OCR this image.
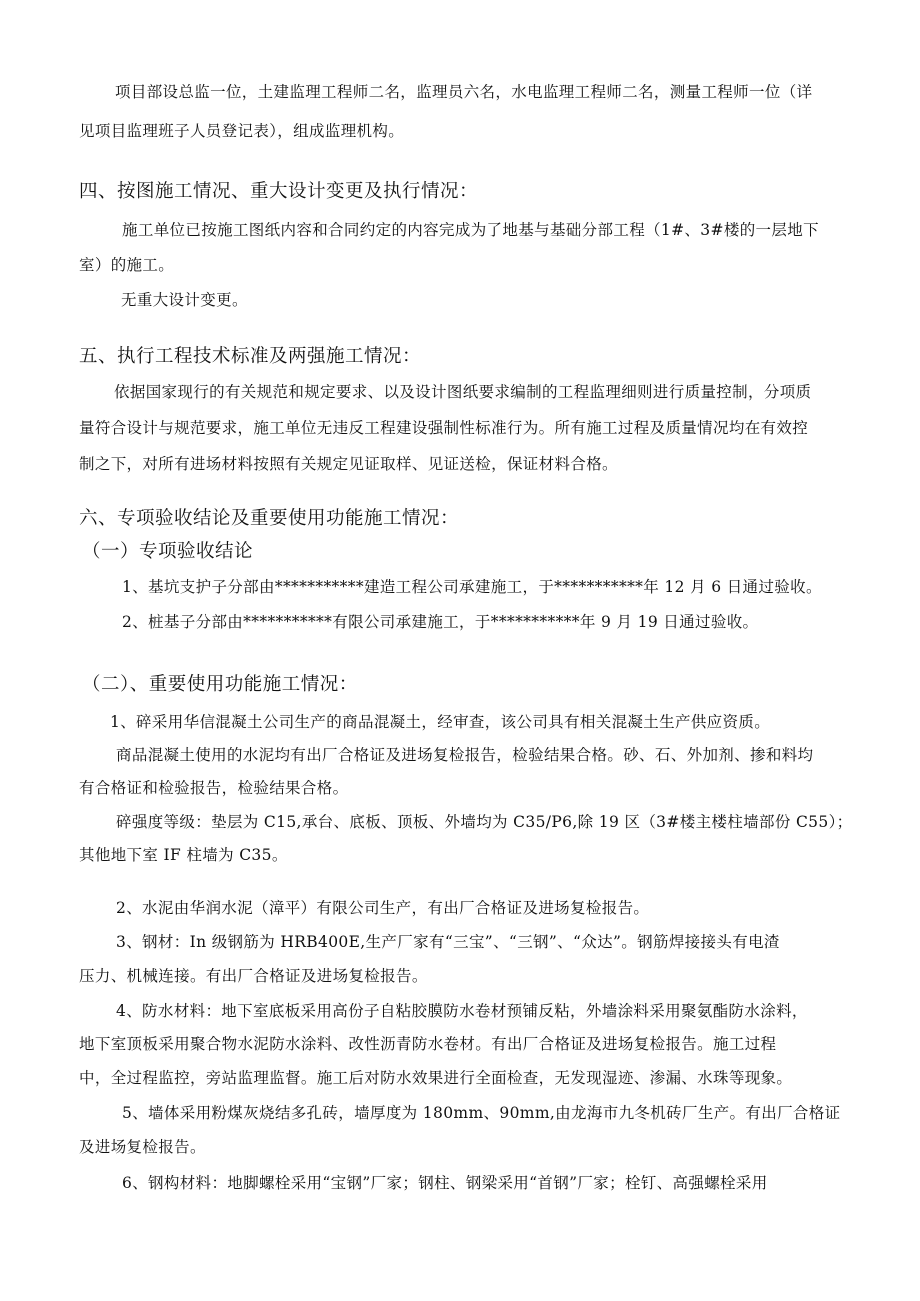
项目部设总监一位，土建监理工程师二名，监理员六名，水电监理工程师二名，测量工程师一位（详
见项目监理班子人员登记表），组成监理机构。
四、按图施工情况、重大设计变更及执行情况：
施工单位已按施工图纸内容和合同约定的内容完成为了地基与基础分部工程（1#、3#楼的一层地下
室）的施工。
无重大设计变更。
五、执行工程技术标准及两强施工情况：
依据国家现行的有关规范和规定要求、以及设计图纸要求编制的工程监理细则进行质量控制，分项质
量符合设计与规范要求，施工单位无违反工程建设强制性标准行为。所有施工过程及质量情况均在有效控
制之下，对所有进场材料按照有关规定见证取样、见证送检，保证材料合格。
六、专项验收结论及重要使用功能施工情况：
（一）专项验收结论
1、基坑支护子分部由***********建造工程公司承建施工，于***********年 12 月 6 日通过验收。
2、桩基子分部由***********有限公司承建施工，于***********年 9 月 19 日通过验收。
（二）、重要使用功能施工情况：
1、碎采用华信混凝土公司生产的商品混凝土，经审查，该公司具有相关混凝土生产供应资质。
商品混凝土使用的水泥均有出厂合格证及进场复检报告，检验结果合格。砂、石、外加剂、掺和料均
有合格证和检验报告，检验结果合格。
碎强度等级：垫层为 C15,承台、底板、顶板、外墙均为 C35/P6,除 19 区（3#楼主楼柱墙部份 C55）；
其他地下室 IF 柱墙为 C35。
2、水泥由华润水泥（漳平）有限公司生产，有出厂合格证及进场复检报告。
3、钢材：In 级钢筋为 HRB400E,生产厂家有“三宝”、“三钢”、“众达”。钢筋焊接接头有电渣
压力、机械连接。有出厂合格证及进场复检报告。
4、防水材料：地下室底板采用高份子自粘胶膜防水卷材预铺反粘，外墙涂料采用聚氨酯防水涂料，
地下室顶板采用聚合物水泥防水涂料、改性沥青防水卷材。有出厂合格证及进场复检报告。施工过程
中，全过程监控，旁站监理监督。施工后对防水效果进行全面检查，无发现湿迹、渗漏、水珠等现象。
5、墙体采用粉煤灰烧结多孔砖，墙厚度为 180mm、90mm,由龙海市九冬机砖厂生产。有出厂合格证
及进场复检报告。
6、钢构材料：地脚螺栓采用“宝钢”厂家；钢柱、钢梁采用“首钢”厂家；栓钉、高强螺栓采用
